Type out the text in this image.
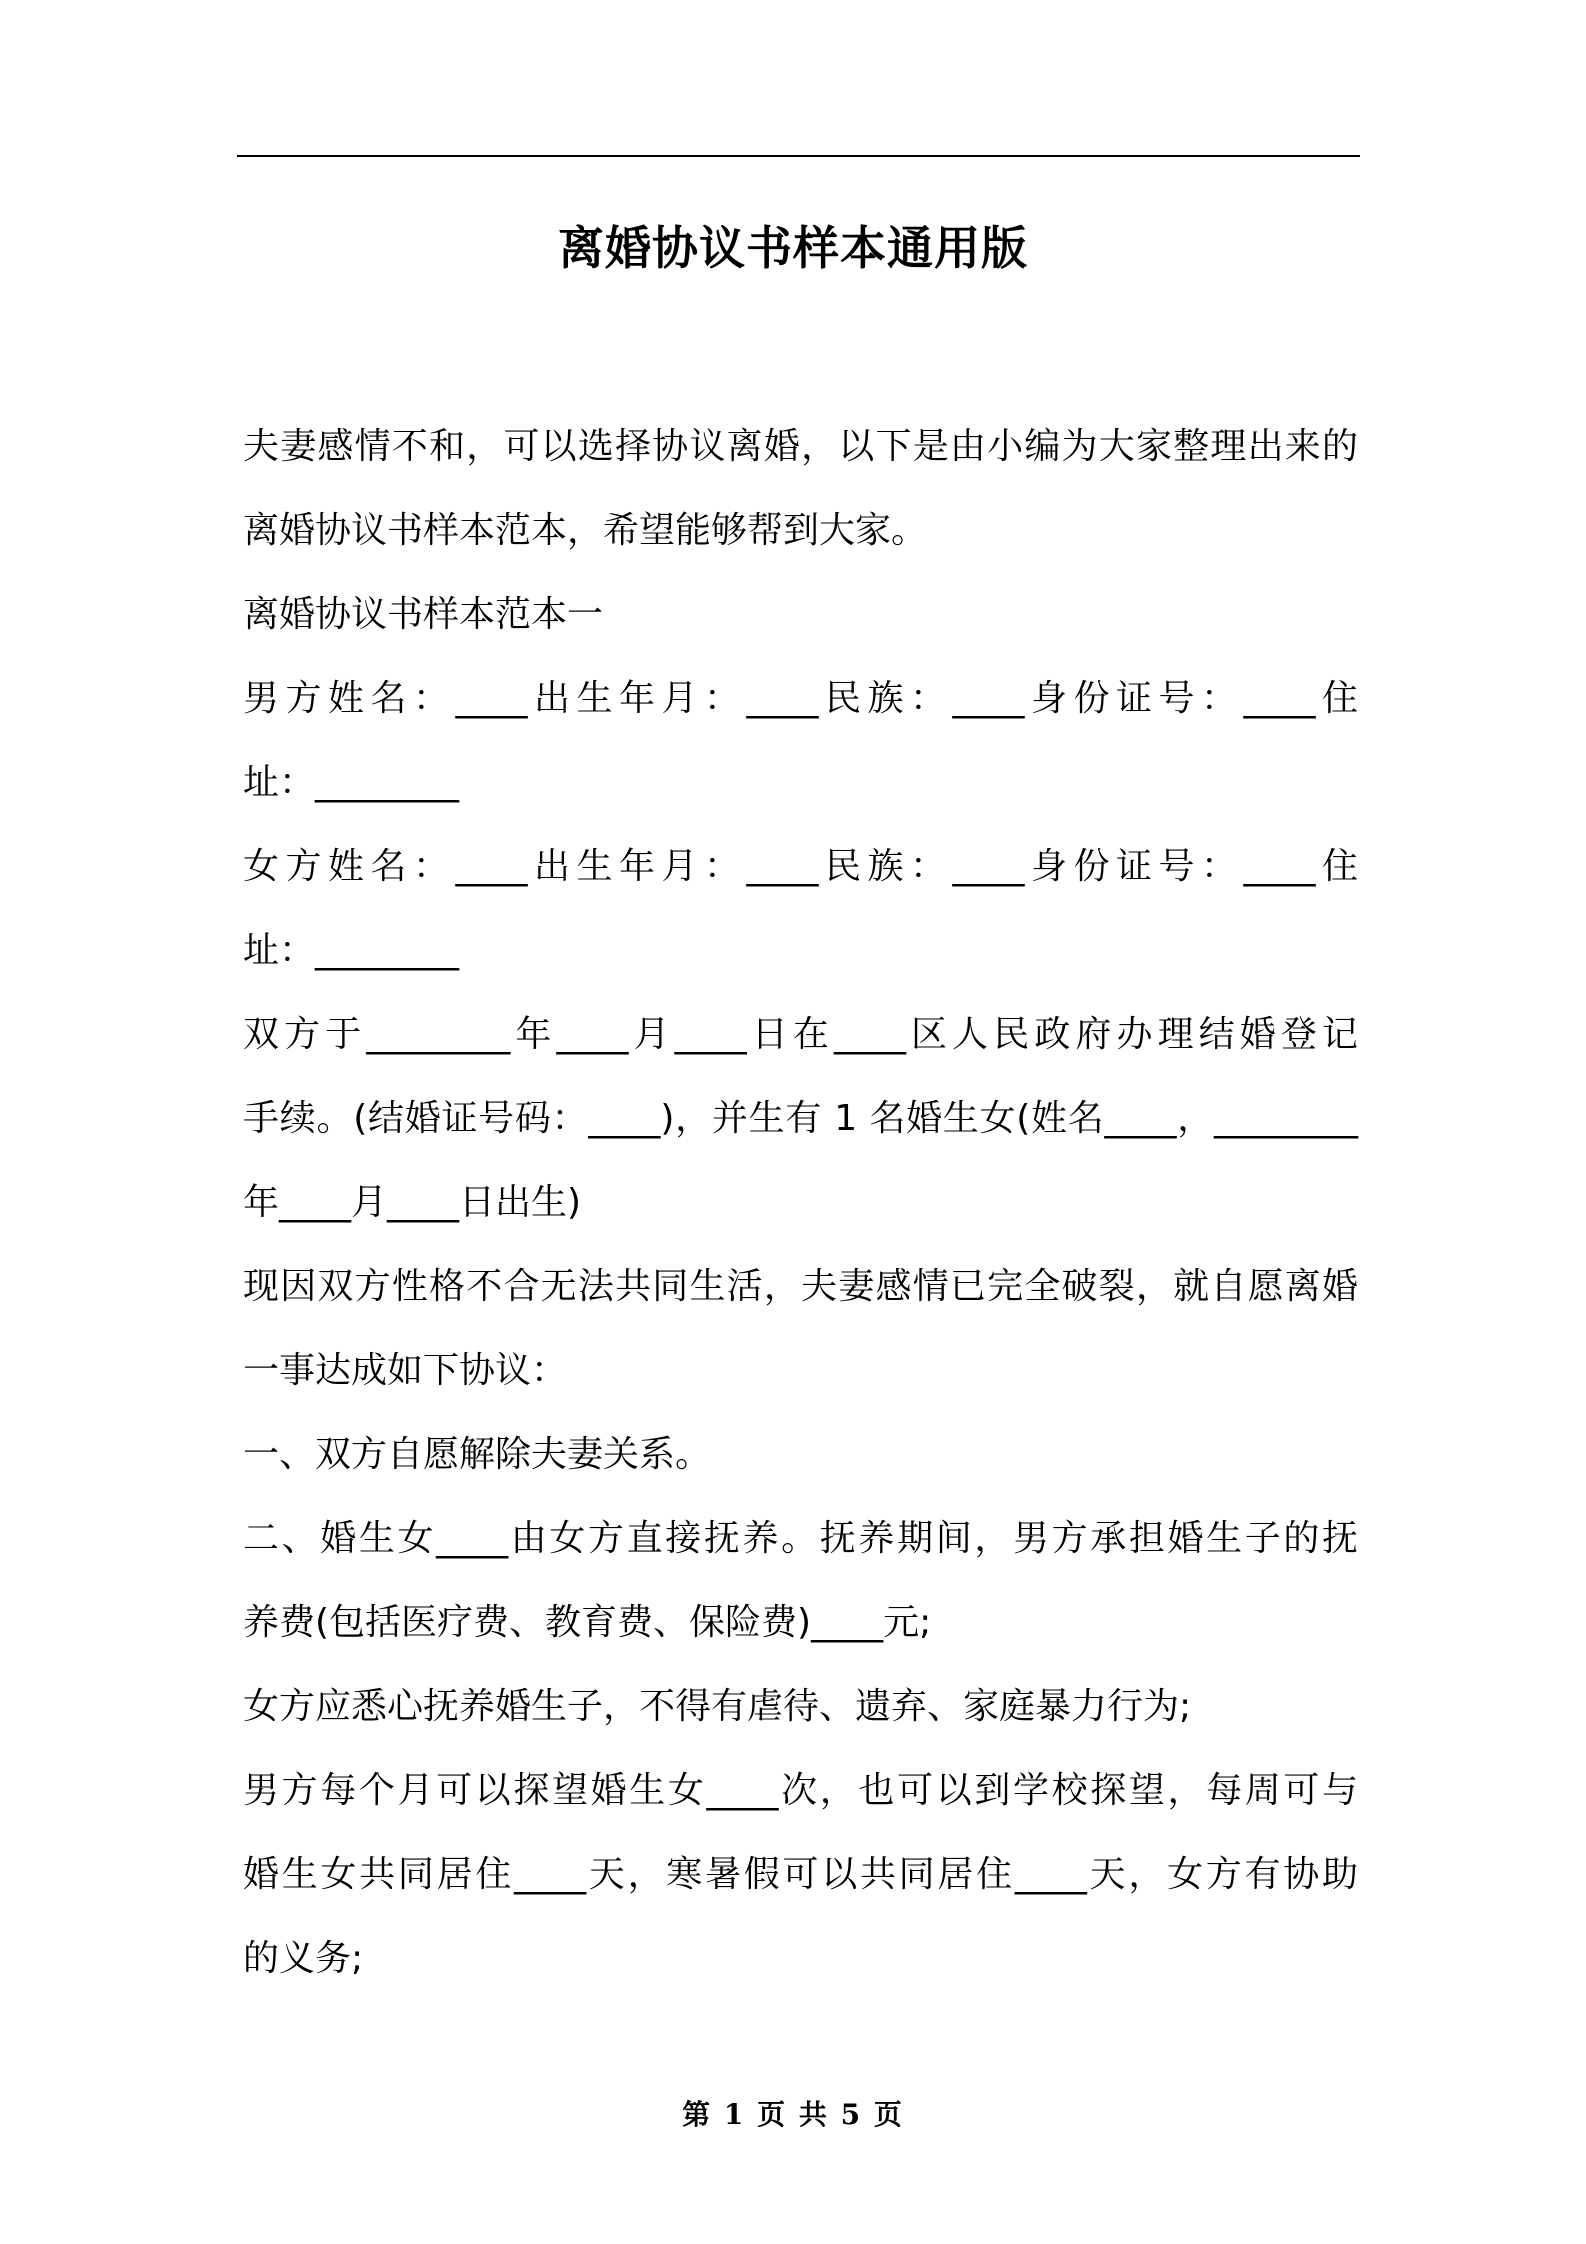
离婚协议书样本通用版
夫妻感情不和，可以选择协议离婚，以下是由小编为大家整理出来的
离婚协议书样本范本，希望能够帮到大家。
离婚协议书样本范本一
男方姓名：____出生年月：____民族：____身份证号：____住
址：________
女方姓名：____出生年月：____民族：____身份证号：____住
址：________
双方于________年____月____日在____区人民政府办理结婚登记
手续。(结婚证号码：____)，并生有 1 名婚生女(姓名____，________
年____月____日出生)
现因双方性格不合无法共同生活，夫妻感情已完全破裂，就自愿离婚
一事达成如下协议：
一、双方自愿解除夫妻关系。
二、婚生女____由女方直接抚养。抚养期间，男方承担婚生子的抚
养费(包括医疗费、教育费、保险费)____元;
女方应悉心抚养婚生子，不得有虐待、遗弃、家庭暴力行为;
男方每个月可以探望婚生女____次，也可以到学校探望，每周可与
婚生女共同居住____天，寒暑假可以共同居住____天，女方有协助
的义务;
第 1 页 共 5 页
